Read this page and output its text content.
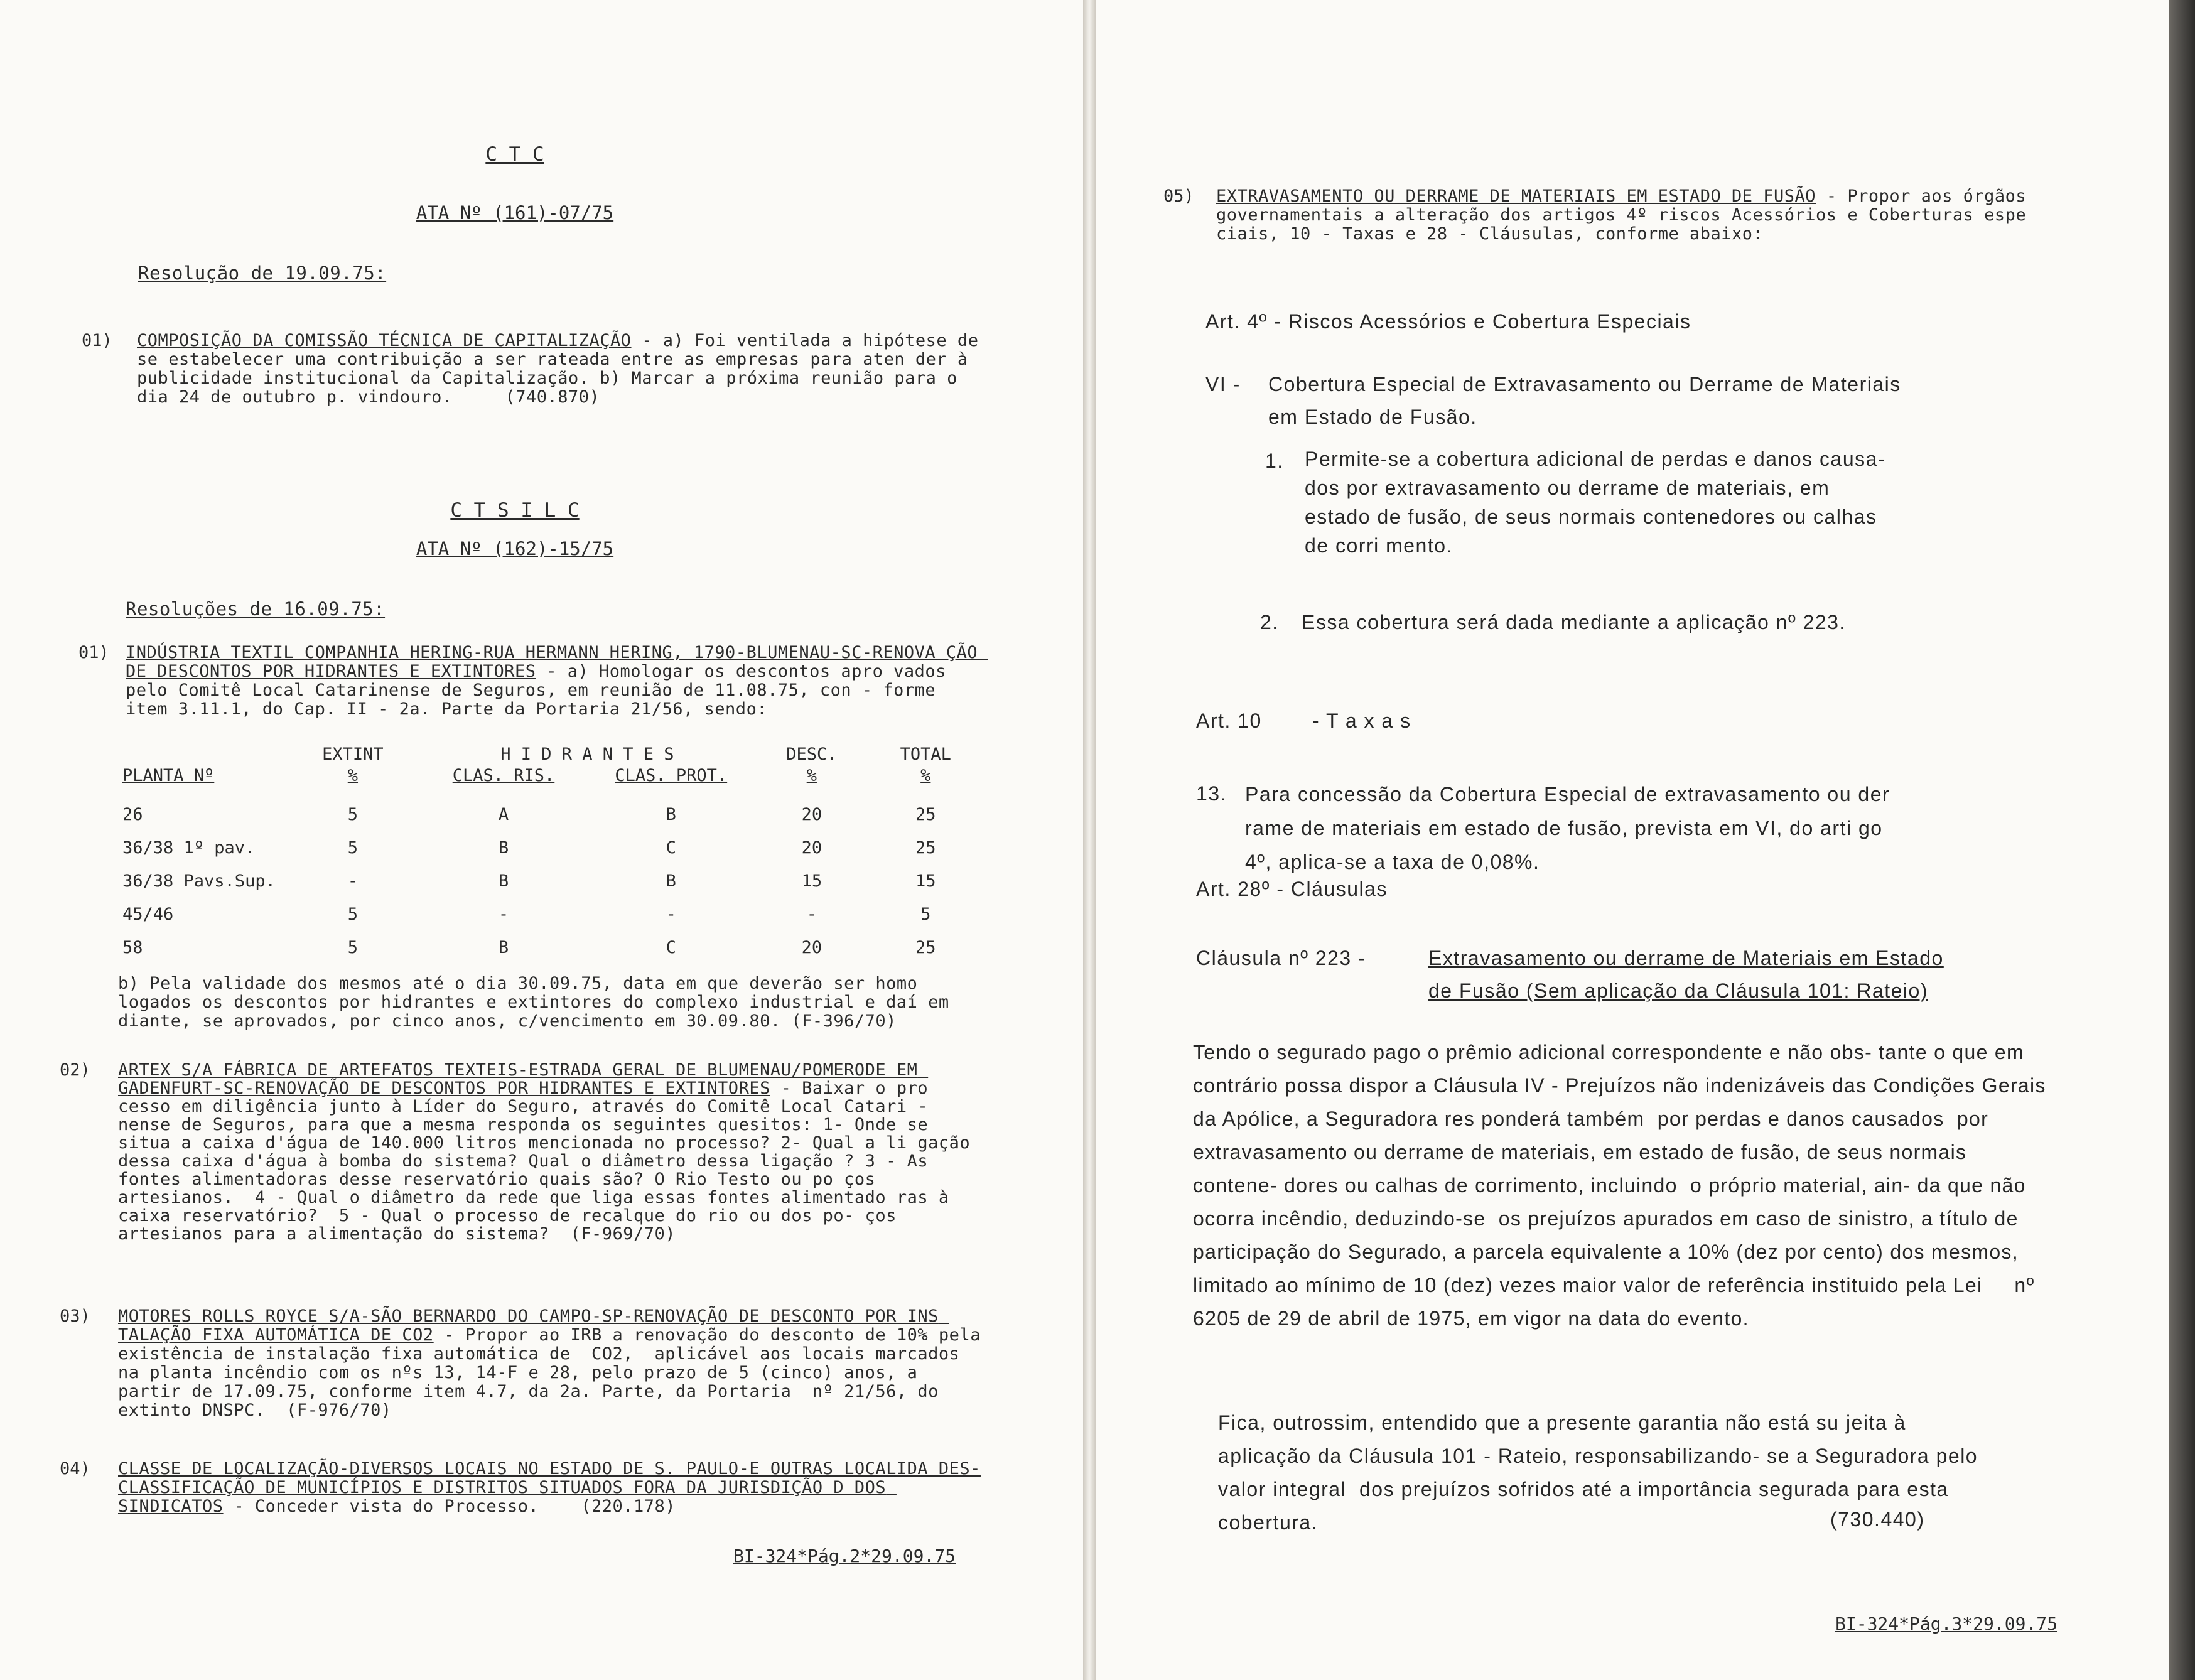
C T C
ATA Nº (161)-07/75
Resolução de 19.09.75:
01) COMPOSIÇÃO DA COMISSÃO TÉCNICA DE CAPITALIZAÇÃO - a) Foi ventilada a hipótese de se estabelecer uma contribuição a ser rateada entre as empresas para aten der à publicidade institucional da Capitalização. b) Marcar a próxima reunião para o dia 24 de outubro p. vindouro.     (740.870)
C T S I L C
ATA Nº (162)-15/75
Resoluções de 16.09.75:
01) INDÚSTRIA TEXTIL COMPANHIA HERING-RUA HERMANN HERING, 1790-BLUMENAU-SC-RENOVA ÇÃO DE DESCONTOS POR HIDRANTES E EXTINTORES - a) Homologar os descontos apro vados pelo Comitê Local Catarinense de Seguros, em reunião de 11.08.75, con - forme item 3.11.1, do Cap. II - 2a. Parte da Portaria 21/56, sendo:
	EXTINT	H I D R A N T E S		DESC.	TOTAL
PLANTA Nº	%	CLAS. RIS.	CLAS. PROT.	%	%

26	5	A	B	20	25
36/38 1º pav.	5	B	C	20	25
36/38 Pavs.Sup.	-	B	B	15	15
45/46	5	-	-	-	5
58	5	B	C	20	25
b) Pela validade dos mesmos até o dia 30.09.75, data em que deverão ser homo logados os descontos por hidrantes e extintores do complexo industrial e daí em diante, se aprovados, por cinco anos, c/vencimento em 30.09.80. (F-396/70)
02) ARTEX S/A FÁBRICA DE ARTEFATOS TEXTEIS-ESTRADA GERAL DE BLUMENAU/POMERODE EM GADENFURT-SC-RENOVAÇÃO DE DESCONTOS POR HIDRANTES E EXTINTORES - Baixar o pro cesso em diligência junto à Líder do Seguro, através do Comitê Local Catari - nense de Seguros, para que a mesma responda os seguintes quesitos: 1- Onde se situa a caixa d'água de 140.000 litros mencionada no processo? 2- Qual a li gação dessa caixa d'água à bomba do sistema? Qual o diâmetro dessa ligação ? 3 - As fontes alimentadoras desse reservatório quais são? O Rio Testo ou po ços artesianos.  4 - Qual o diâmetro da rede que liga essas fontes alimentado ras à caixa reservatório?  5 - Qual o processo de recalque do rio ou dos po- ços artesianos para a alimentação do sistema?  (F-969/70)
03) MOTORES ROLLS ROYCE S/A-SÃO BERNARDO DO CAMPO-SP-RENOVAÇÃO DE DESCONTO POR INS TALAÇÃO FIXA AUTOMÁTICA DE CO2 - Propor ao IRB a renovação do desconto de 10% pela existência de instalação fixa automática de  CO2,  aplicável aos locais marcados na planta incêndio com os nºs 13, 14-F e 28, pelo prazo de 5 (cinco) anos, a partir de 17.09.75, conforme item 4.7, da 2a. Parte, da Portaria  nº 21/56, do extinto DNSPC.  (F-976/70)
04) CLASSE DE LOCALIZAÇÃO-DIVERSOS LOCAIS NO ESTADO DE S. PAULO-E OUTRAS LOCALIDA DES-CLASSIFICAÇÃO DE MUNICÍPIOS E DISTRITOS SITUADOS FORA DA JURISDIÇÃO D DOS SINDICATOS - Conceder vista do Processo.    (220.178)
BI-324*Pág.2*29.09.75
05) EXTRAVASAMENTO OU DERRAME DE MATERIAIS EM ESTADO DE FUSÃO - Propor aos órgãos governamentais a alteração dos artigos 4º riscos Acessórios e Coberturas espe ciais, 10 - Taxas e 28 - Cláusulas, conforme abaixo:
Art. 4º - Riscos Acessórios e Cobertura Especiais
VI - Cobertura Especial de Extravasamento ou Derrame de Materiais em Estado de Fusão.
1. Permite-se a cobertura adicional de perdas e danos causa- dos por extravasamento ou derrame de materiais, em estado de fusão, de seus normais contenedores ou calhas de corri mento.
2. Essa cobertura será dada mediante a aplicação nº 223.
Art. 10	- T a x a s
13. Para concessão da Cobertura Especial de extravasamento ou der rame de materiais em estado de fusão, prevista em VI, do arti go 4º, aplica-se a taxa de 0,08%.
Art. 28º - Cláusulas
Cláusula nº 223 -	Extravasamento ou derrame de Materiais em Estado
de Fusão (Sem aplicação da Cláusula 101: Rateio)
Tendo o segurado pago o prêmio adicional correspondente e não obs- tante o que em contrário possa dispor a Cláusula IV - Prejuízos não indenizáveis das Condições Gerais da Apólice, a Seguradora res ponderá também  por perdas e danos causados  por extravasamento ou derrame de materiais, em estado de fusão, de seus normais contene- dores ou calhas de corrimento, incluindo  o próprio material, ain- da que não ocorra incêndio, deduzindo-se  os prejuízos apurados em caso de sinistro, a título de participação do Segurado, a parcela equivalente a 10% (dez por cento) dos mesmos, limitado ao mínimo de 10 (dez) vezes maior valor de referência instituido pela Lei     nº 6205 de 29 de abril de 1975, em vigor na data do evento.
Fica, outrossim, entendido que a presente garantia não está su jeita à aplicação da Cláusula 101 - Rateio, responsabilizando- se a Seguradora pelo valor integral  dos prejuízos sofridos até a importância segurada para esta cobertura.	(730.440)
BI-324*Pág.3*29.09.75
